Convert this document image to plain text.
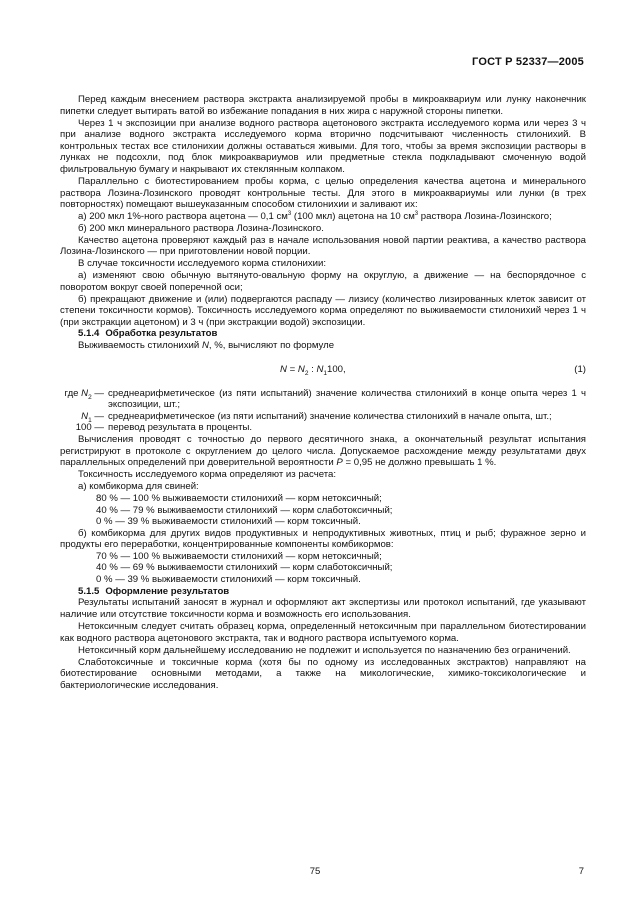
ГОСТ Р 52337—2005

Перед каждым внесением раствора экстракта анализируемой пробы в микроаквариум или лунку наконечник пипетки следует вытирать ватой во избежание попадания в них жира с наружной стороны пипетки.

Через 1 ч экспозиции при анализе водного раствора ацетонового экстракта исследуемого корма или через 3 ч при анализе водного экстракта исследуемого корма вторично подсчитывают численность стилонихий. В контрольных тестах все стилонихии должны оставаться живыми. Для того, чтобы за время экспозиции растворы в лунках не подсохли, под блок микроаквариумов или предметные стекла подкладывают смоченную водой фильтровальную бумагу и накрывают их стеклянным колпаком.

Параллельно с биотестированием пробы корма, с целью определения качества ацетона и минерального раствора Лозина-Лозинского проводят контрольные тесты. Для этого в микроаквариумы или лунки (в трех повторностях) помещают вышеуказанным способом стилонихии и заливают их:

а) 200 мкл 1%-ного раствора ацетона — 0,1 $см^3$ (100 мкл) ацетона на 10 $см^3$ раствора Лозина-Лозинского;

б) 200 мкл минерального раствора Лозина-Лозинского.

Качество ацетона проверяют каждый раз в начале использования новой партии реактива, а качество раствора Лозина-Лозинского — при приготовлении новой порции.

В случае токсичности исследуемого корма стилонихии:

а) изменяют свою обычную вытянуто-овальную форму на округлую, а движение — на беспорядочное с поворотом вокруг своей поперечной оси;

б) прекращают движение и (или) подвергаются распаду — лизису (количество лизированных клеток зависит от степени токсичности кормов). Токсичность исследуемого корма определяют по выживаемости стилонихий через 1 ч (при экстракции ацетоном) и 3 ч (при экстракции водой) экспозиции.

5.1.4 Обработка результатов

Выживаемость стилонихий N, %, вычисляют по формуле

$N = N_2$ : $N_1100$,	(1)
где $N_2$ — среднеарифметическое (из пяти испытаний) значение количества стилонихий в конце опыта через 1 ч экспозиции, шт.;
$N_1$ — среднеарифметическое (из пяти испытаний) значение количества стилонихий в начале опыта, шт.;
100 — перевод результата в проценты.

Вычисления проводят с точностью до первого десятичного знака, а окончательный результат испытания регистрируют в протоколе с округлением до целого числа. Допускаемое расхождение между результатами двух параллельных определений при доверительной вероятности P = 0,95 не должно превышать 1 %.

Токсичность исследуемого корма определяют из расчета:

а) комбикорма для свиней:

80 % — 100 % выживаемости стилонихий — корм нетоксичный;

40 % — 79 % выживаемости стилонихий — корм слаботоксичный;

0 % — 39 % выживаемости стилонихий — корм токсичный.

б) комбикорма для других видов продуктивных и непродуктивных животных, птиц и рыб; фуражное зерно и продукты его переработки, концентрированные компоненты комбикормов:

70 % — 100 % выживаемости стилонихий — корм нетоксичный;

40 % — 69 % выживаемости стилонихий — корм слаботоксичный;

0 % — 39 % выживаемости стилонихий — корм токсичный.

5.1.5 Оформление результатов

Результаты испытаний заносят в журнал и оформляют акт экспертизы или протокол испытаний, где указывают наличие или отсутствие токсичности корма и возможность его использования.

Нетоксичным следует считать образец корма, определенный нетоксичным при параллельном биотестировании как водного раствора ацетонового экстракта, так и водного раствора испытуемого корма.

Нетоксичный корм дальнейшему исследованию не подлежит и используется по назначению без ограничений.

Слаботоксичные и токсичные корма (хотя бы по одному из исследованных экстрактов) направляют на биотестирование основными методами, а также на микологические, химико-токсикологические и бактериологические исследования.

75	7
